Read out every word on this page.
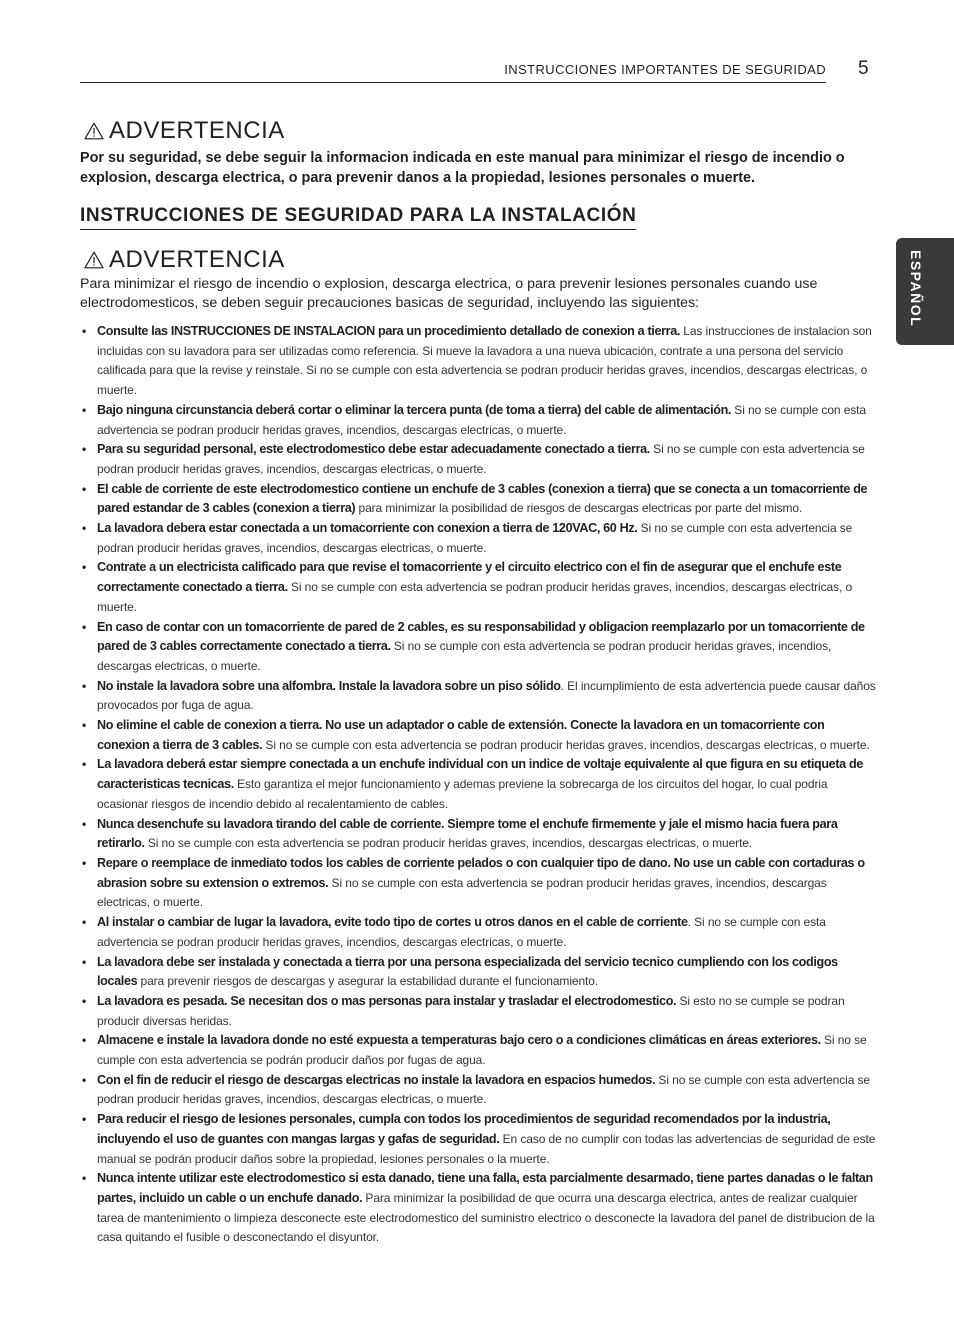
INSTRUCCIONES IMPORTANTES DE SEGURIDAD 5
ESPAÑOL
ADVERTENCIA

Por su seguridad, se debe seguir la informacion indicada en este manual para minimizar el riesgo de incendio o explosion, descarga electrica, o para prevenir danos a la propiedad, lesiones personales o muerte.

INSTRUCCIONES DE SEGURIDAD PARA LA INSTALACIÓN
ADVERTENCIA

Para minimizar el riesgo de incendio o explosion, descarga electrica, o para prevenir lesiones personales cuando use electrodomesticos, se deben seguir precauciones basicas de seguridad, incluyendo las siguientes:

• Consulte las INSTRUCCIONES DE INSTALACION para un procedimiento detallado de conexion a tierra. Las instrucciones de instalacion son incluidas con su lavadora para ser utilizadas como referencia. Si mueve la lavadora a una nueva ubicación, contrate a una persona del servicio calificada para que la revise y reinstale. Si no se cumple con esta advertencia se podran producir heridas graves, incendios, descargas electricas, o muerte.
• Bajo ninguna circunstancia deberá cortar o eliminar la tercera punta (de toma a tierra) del cable de alimentación. Si no se cumple con esta advertencia se podran producir heridas graves, incendios, descargas electricas, o muerte.
• Para su seguridad personal, este electrodomestico debe estar adecuadamente conectado a tierra. Si no se cumple con esta advertencia se podran producir heridas graves, incendios, descargas electricas, o muerte.
• El cable de corriente de este electrodomestico contiene un enchufe de 3 cables (conexion a tierra) que se conecta a un tomacorriente de pared estandar de 3 cables (conexion a tierra) para minimizar la posibilidad de riesgos de descargas electricas por parte del mismo.
• La lavadora debera estar conectada a un tomacorriente con conexion a tierra de 120VAC, 60 Hz. Si no se cumple con esta advertencia se podran producir heridas graves, incendios, descargas electricas, o muerte.
• Contrate a un electricista calificado para que revise el tomacorriente y el circuito electrico con el fin de asegurar que el enchufe este correctamente conectado a tierra. Si no se cumple con esta advertencia se podran producir heridas graves, incendios, descargas electricas, o muerte.
• En caso de contar con un tomacorriente de pared de 2 cables, es su responsabilidad y obligacion reemplazarlo por un tomacorriente de pared de 3 cables correctamente conectado a tierra. Si no se cumple con esta advertencia se podran producir heridas graves, incendios, descargas electricas, o muerte.
• No instale la lavadora sobre una alfombra. Instale la lavadora sobre un piso sólido. El incumplimiento de esta advertencia puede causar daños provocados por fuga de agua.
• No elimine el cable de conexion a tierra. No use un adaptador o cable de extensión. Conecte la lavadora en un tomacorriente con conexion a tierra de 3 cables. Si no se cumple con esta advertencia se podran producir heridas graves, incendios, descargas electricas, o muerte.
• La lavadora deberá estar siempre conectada a un enchufe individual con un indice de voltaje equivalente al que figura en su etiqueta de caracteristicas tecnicas. Esto garantiza el mejor funcionamiento y ademas previene la sobrecarga de los circuitos del hogar, lo cual podria ocasionar riesgos de incendio debido al recalentamiento de cables.
• Nunca desenchufe su lavadora tirando del cable de corriente. Siempre tome el enchufe firmemente y jale el mismo hacia fuera para retirarlo. Si no se cumple con esta advertencia se podran producir heridas graves, incendios, descargas electricas, o muerte.
• Repare o reemplace de inmediato todos los cables de corriente pelados o con cualquier tipo de dano. No use un cable con cortaduras o abrasion sobre su extension o extremos. Si no se cumple con esta advertencia se podran producir heridas graves, incendios, descargas electricas, o muerte.
• Al instalar o cambiar de lugar la lavadora, evite todo tipo de cortes u otros danos en el cable de corriente. Si no se cumple con esta advertencia se podran producir heridas graves, incendios, descargas electricas, o muerte.
• La lavadora debe ser instalada y conectada a tierra por una persona especializada del servicio tecnico cumpliendo con los codigos locales para prevenir riesgos de descargas y asegurar la estabilidad durante el funcionamiento.
• La lavadora es pesada. Se necesitan dos o mas personas para instalar y trasladar el electrodomestico. Si esto no se cumple se podran producir diversas heridas.
• Almacene e instale la lavadora donde no esté expuesta a temperaturas bajo cero o a condiciones climáticas en áreas exteriores. Si no se cumple con esta advertencia se podrán producir daños por fugas de agua.
• Con el fin de reducir el riesgo de descargas electricas no instale la lavadora en espacios humedos. Si no se cumple con esta advertencia se podran producir heridas graves, incendios, descargas electricas, o muerte.
• Para reducir el riesgo de lesiones personales, cumpla con todos los procedimientos de seguridad recomendados por la industria, incluyendo el uso de guantes con mangas largas y gafas de seguridad. En caso de no cumplir con todas las advertencias de seguridad de este manual se podrán producir daños sobre la propiedad, lesiones personales o la muerte.
• Nunca intente utilizar este electrodomestico si esta danado, tiene una falla, esta parcialmente desarmado, tiene partes danadas o le faltan partes, incluido un cable o un enchufe danado. Para minimizar la posibilidad de que ocurra una descarga electrica, antes de realizar cualquier tarea de mantenimiento o limpieza desconecte este electrodomestico del suministro electrico o desconecte la lavadora del panel de distribucion de la casa quitando el fusible o desconectando el disyuntor.
